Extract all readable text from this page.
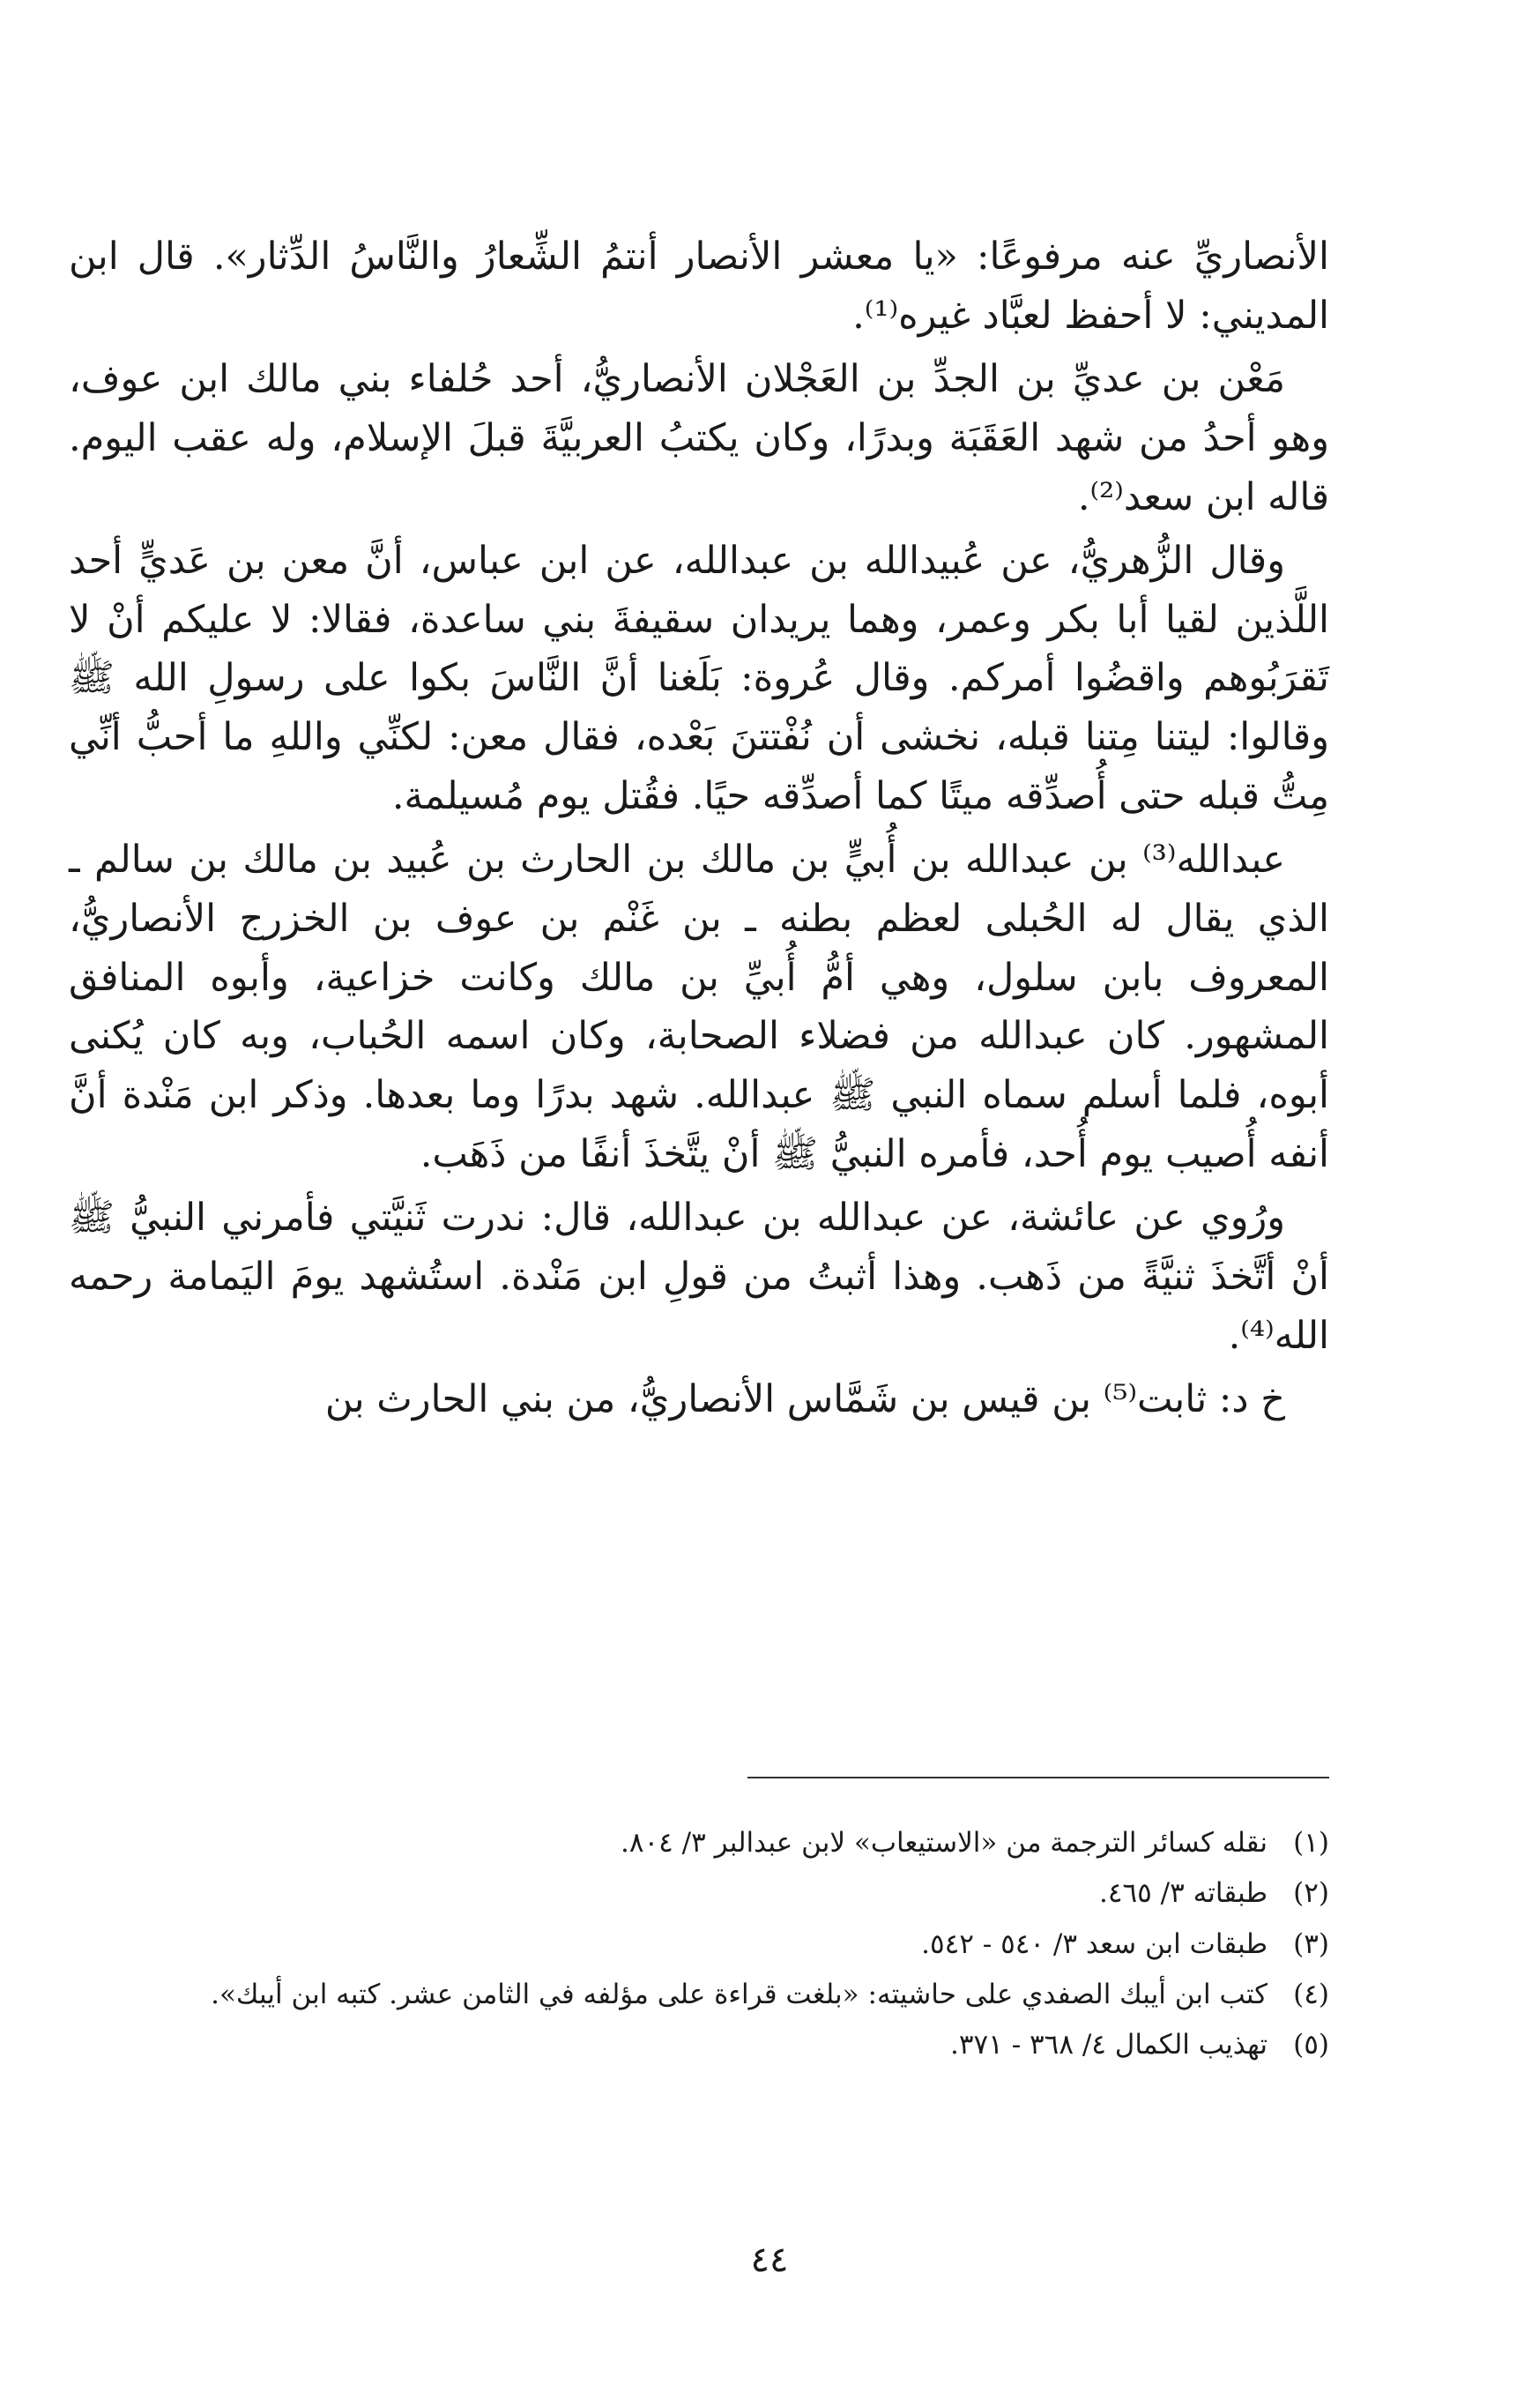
الأنصاريِّ عنه مرفوعًا: «يا معشر الأنصار أنتمُ الشِّعارُ والنَّاسُ الدِّثار». قال ابن المديني: لا أحفظ لعبَّاد غيره⁽¹⁾.

مَعْن بن عديِّ بن الجدِّ بن العَجْلان الأنصاريُّ، أحد حُلفاء بني مالك ابن عوف، وهو أحدُ من شهد العَقَبَة وبدرًا، وكان يكتبُ العربيَّةَ قبلَ الإسلام، وله عقب اليوم. قاله ابن سعد⁽²⁾.

وقال الزُّهريُّ، عن عُبيدالله بن عبدالله، عن ابن عباس، أنَّ معن بن عَديٍّ أحد اللَّذين لقيا أبا بكر وعمر، وهما يريدان سقيفةَ بني ساعدة، فقالا: لا عليكم أنْ لا تَقرَبُوهم واقضُوا أمركم. وقال عُروة: بَلَغنا أنَّ النَّاسَ بكوا على رسولِ الله ﷺ وقالوا: ليتنا مِتنا قبله، نخشى أن نُفْتتنَ بَعْده، فقال معن: لكنِّي واللهِ ما أحبُّ أنِّي مِتُّ قبله حتى أُصدِّقه ميتًا كما أصدِّقه حيًا. فقُتل يوم مُسيلمة.

عبدالله⁽³⁾ بن عبدالله بن أُبيٍّ بن مالك بن الحارث بن عُبيد بن مالك بن سالم ـ الذي يقال له الحُبلى لعظم بطنه ـ بن غَنْم بن عوف بن الخزرج الأنصاريُّ، المعروف بابن سلول، وهي أمُّ أُبيِّ بن مالك وكانت خزاعية، وأبوه المنافق المشهور. كان عبدالله من فضلاء الصحابة، وكان اسمه الحُباب، وبه كان يُكنى أبوه، فلما أسلم سماه النبي ﷺ عبدالله. شهد بدرًا وما بعدها. وذكر ابن مَنْدة أنَّ أنفه أُصيب يوم أُحد، فأمره النبيُّ ﷺ أنْ يتَّخذَ أنفًا من ذَهَب.

ورُوي عن عائشة، عن عبدالله بن عبدالله، قال: ندرت ثَنيَّتي فأمرني النبيُّ ﷺ أنْ أتَّخذَ ثنيَّةً من ذَهب. وهذا أثبتُ من قولِ ابن مَنْدة. استُشهد يومَ اليَمامة رحمه الله⁽⁴⁾.

خ د: ثابت⁽⁵⁾ بن قيس بن شَمَّاس الأنصاريُّ، من بني الحارث بن

(١)
نقله كسائر الترجمة من «الاستيعاب» لابن عبدالبر ٣/ ٨٠٤.
(٢)
طبقاته ٣/ ٤٦٥.
(٣)
طبقات ابن سعد ٣/ ٥٤٠ - ٥٤٢.
(٤)
كتب ابن أيبك الصفدي على حاشيته: «بلغت قراءة على مؤلفه في الثامن عشر. كتبه ابن أيبك».
(٥)
تهذيب الكمال ٤/ ٣٦٨ - ٣٧١.
٤٤
